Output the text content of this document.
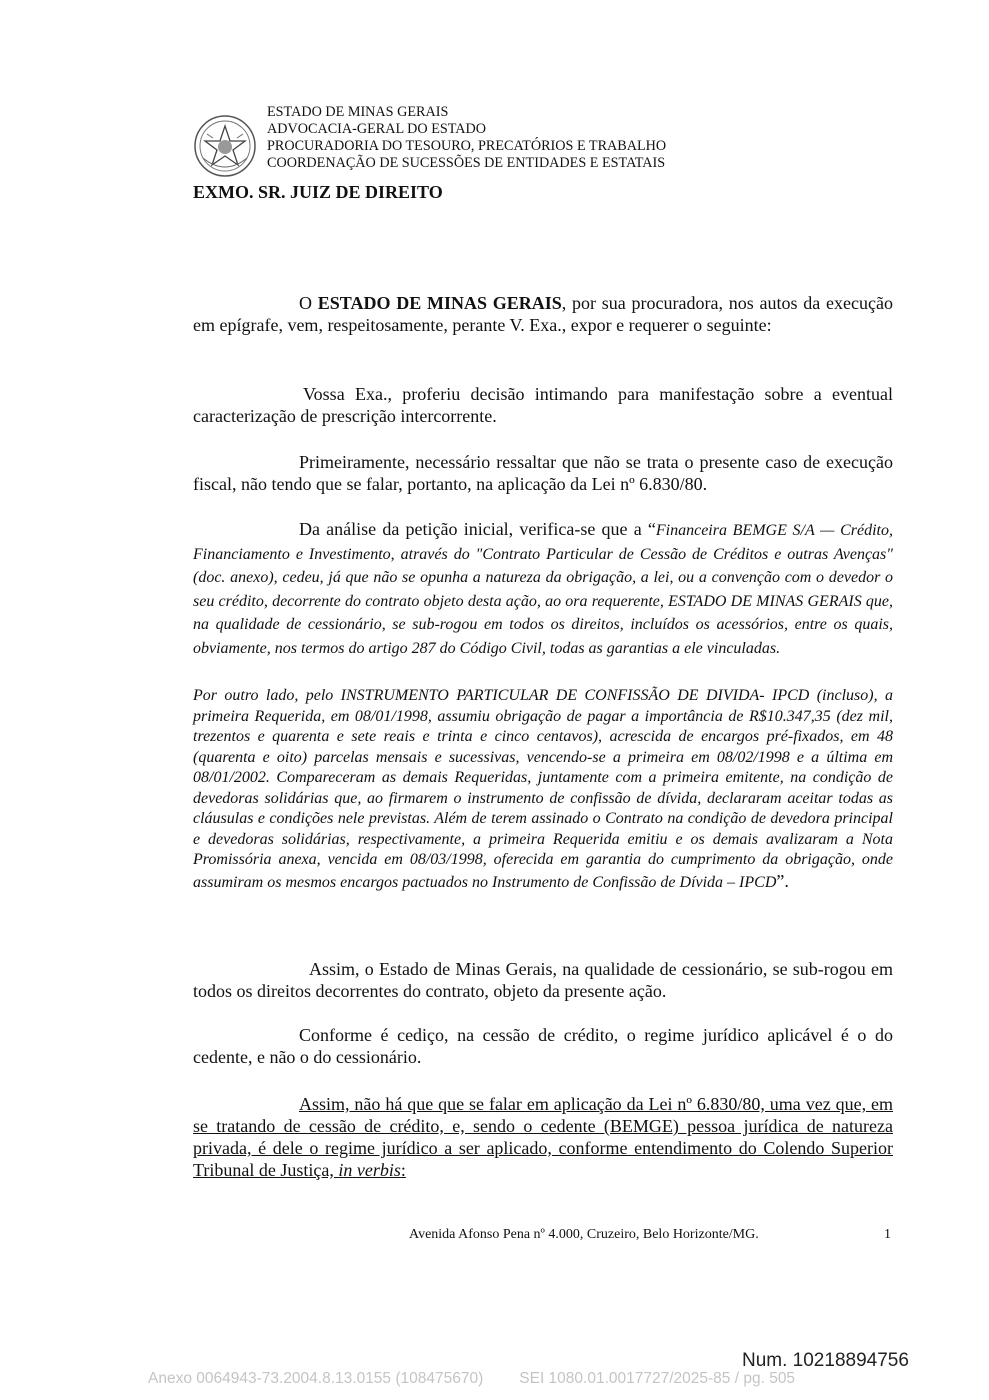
ESTADO DE MINAS GERAIS
ADVOCACIA-GERAL DO ESTADO
PROCURADORIA DO TESOURO, PRECATÓRIOS E TRABALHO
COORDENAÇÃO DE SUCESSÕES DE ENTIDADES E ESTATAIS
EXMO. SR. JUIZ DE DIREITO

O ESTADO DE MINAS GERAIS, por sua procuradora, nos autos da execução em epígrafe, vem, respeitosamente, perante V. Exa., expor e requerer o seguinte:

Vossa Exa., proferiu decisão intimando para manifestação sobre a eventual caracterização de prescrição intercorrente.

Primeiramente, necessário ressaltar que não se trata o presente caso de execução fiscal, não tendo que se falar, portanto, na aplicação da Lei nº 6.830/80.

Da análise da petição inicial, verifica-se que a “Financeira BEMGE S/A — Crédito, Financiamento e Investimento, através do "Contrato Particular de Cessão de Créditos e outras Avenças" (doc. anexo), cedeu, já que não se opunha a natureza da obrigação, a lei, ou a convenção com o devedor o seu crédito, decorrente do contrato objeto desta ação, ao ora requerente, ESTADO DE MINAS GERAIS que, na qualidade de cessionário, se sub-rogou em todos os direitos, incluídos os acessórios, entre os quais, obviamente, nos termos do artigo 287 do Código Civil, todas as garantias a ele vinculadas.

Por outro lado, pelo INSTRUMENTO PARTICULAR DE CONFISSÃO DE DIVIDA- IPCD (incluso), a primeira Requerida, em 08/01/1998, assumiu obrigação de pagar a importância de R$10.347,35 (dez mil, trezentos e quarenta e sete reais e trinta e cinco centavos), acrescida de encargos pré-fixados, em 48 (quarenta e oito) parcelas mensais e sucessivas, vencendo-se a primeira em 08/02/1998 e a última em 08/01/2002. Compareceram as demais Requeridas, juntamente com a primeira emitente, na condição de devedoras solidárias que, ao firmarem o instrumento de confissão de dívida, declararam aceitar todas as cláusulas e condições nele previstas. Além de terem assinado o Contrato na condição de devedora principal e devedoras solidárias, respectivamente, a primeira Requerida emitiu e os demais avalizaram a Nota Promissória anexa, vencida em 08/03/1998, oferecida em garantia do cumprimento da obrigação, onde assumiram os mesmos encargos pactuados no Instrumento de Confissão de Dívida – IPCD”.

Assim, o Estado de Minas Gerais, na qualidade de cessionário, se sub-rogou em todos os direitos decorrentes do contrato, objeto da presente ação.

Conforme é cediço, na cessão de crédito, o regime jurídico aplicável é o do cedente, e não o do cessionário.

Assim, não há que que se falar em aplicação da Lei nº 6.830/80, uma vez que, em se tratando de cessão de crédito, e, sendo o cedente (BEMGE) pessoa jurídica de natureza privada, é dele o regime jurídico a ser aplicado, conforme entendimento do Colendo Superior Tribunal de Justiça, in verbis:

Avenida Afonso Pena nº 4.000, Cruzeiro, Belo Horizonte/MG.	1
Num. 10218894756
Anexo 0064943-73.2004.8.13.0155 (108475670) SEI 1080.01.0017727/2025-85 / pg. 505
